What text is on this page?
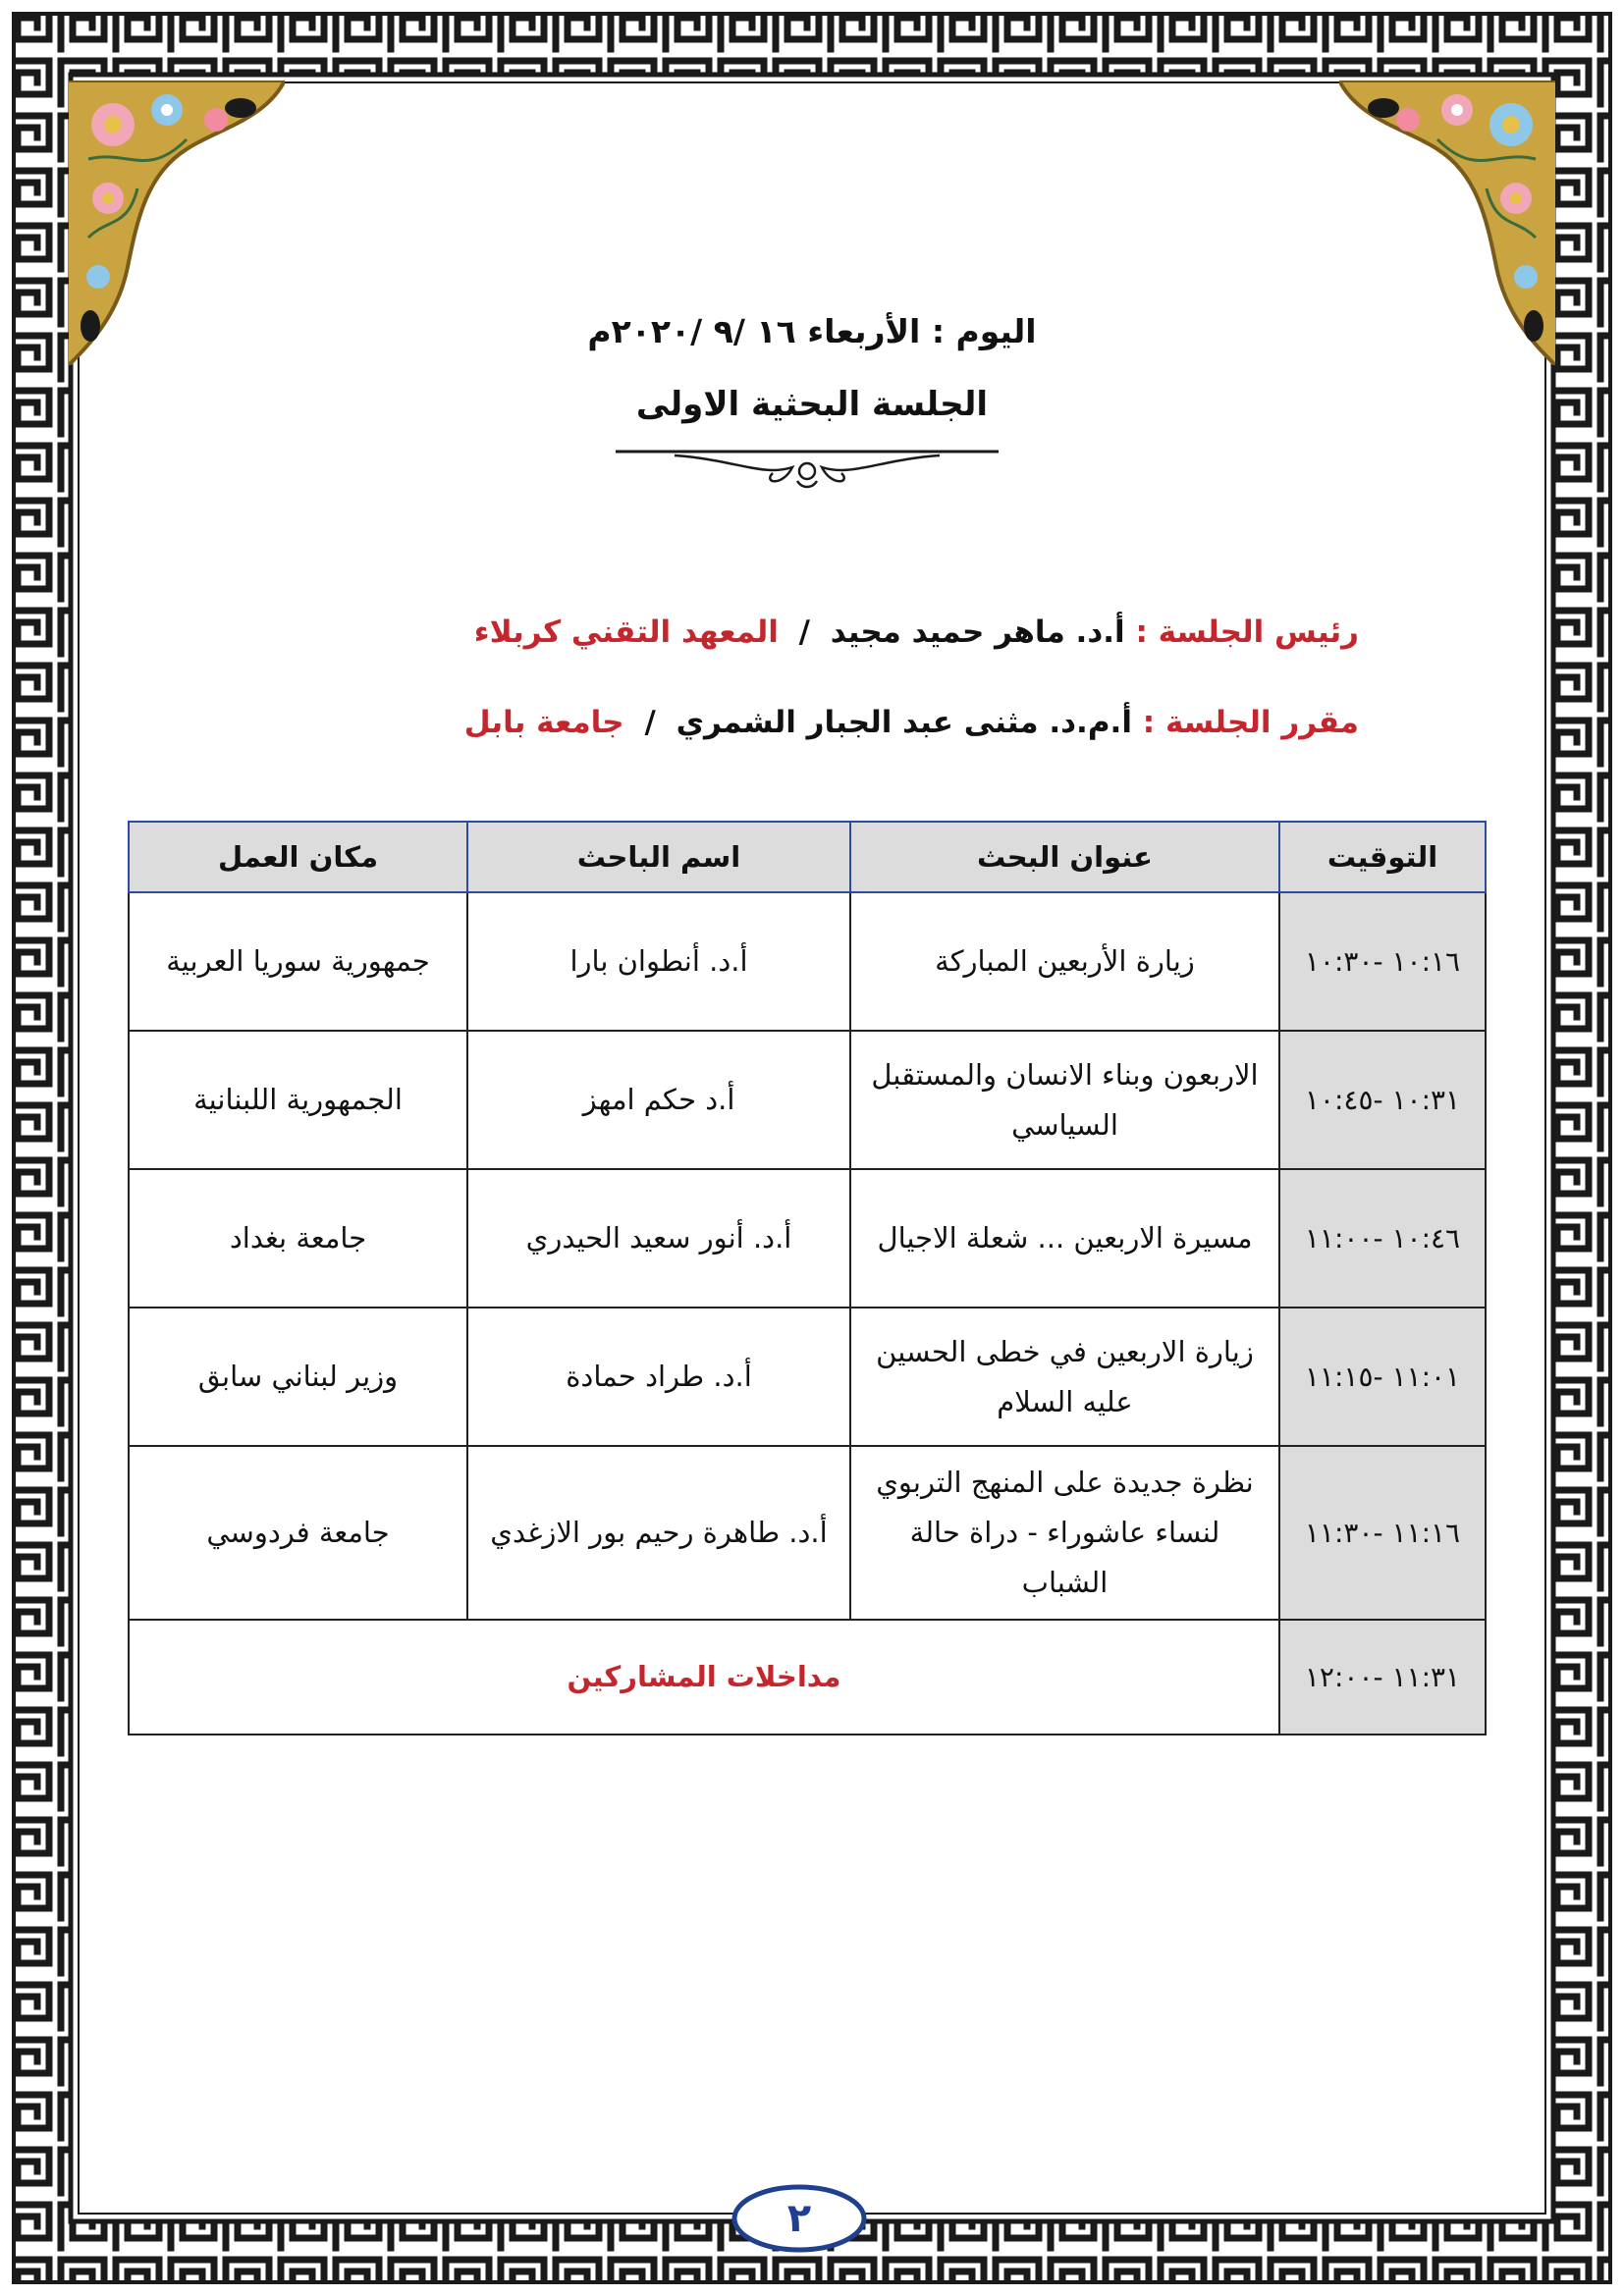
اليوم : الأربعاء ١٦ /٩ /٢٠٢٠م
الجلسة البحثية الاولى
رئيس الجلسة : أ.د. ماهر حميد مجيد / المعهد التقني كربلاء
مقرر الجلسة : أ.م.د. مثنى عبد الجبار الشمري / جامعة بابل
التوقيت	عنوان البحث	اسم الباحث	مكان العمل
١٠:١٦ -١٠:٣٠	زيارة الأربعين المباركة	أ.د. أنطوان بارا	جمهورية سوريا العربية
١٠:٣١ -١٠:٤٥	الاربعون وبناء الانسان والمستقبل السياسي	أ.د حكم امهز	الجمهورية اللبنانية
١٠:٤٦ -١١:٠٠	مسيرة الاربعين ... شعلة الاجيال	أ.د. أنور سعيد الحيدري	جامعة بغداد
١١:٠١ -١١:١٥	زيارة الاربعين في خطى الحسين عليه السلام	أ.د. طراد حمادة	وزير لبناني سابق
١١:١٦ -١١:٣٠	نظرة جديدة على المنهج التربوي لنساء عاشوراء - دراة حالة الشباب	أ.د. طاهرة رحيم بور الازغدي	جامعة فردوسي
١١:٣١ -١٢:٠٠	مداخلات المشاركين		
٢
